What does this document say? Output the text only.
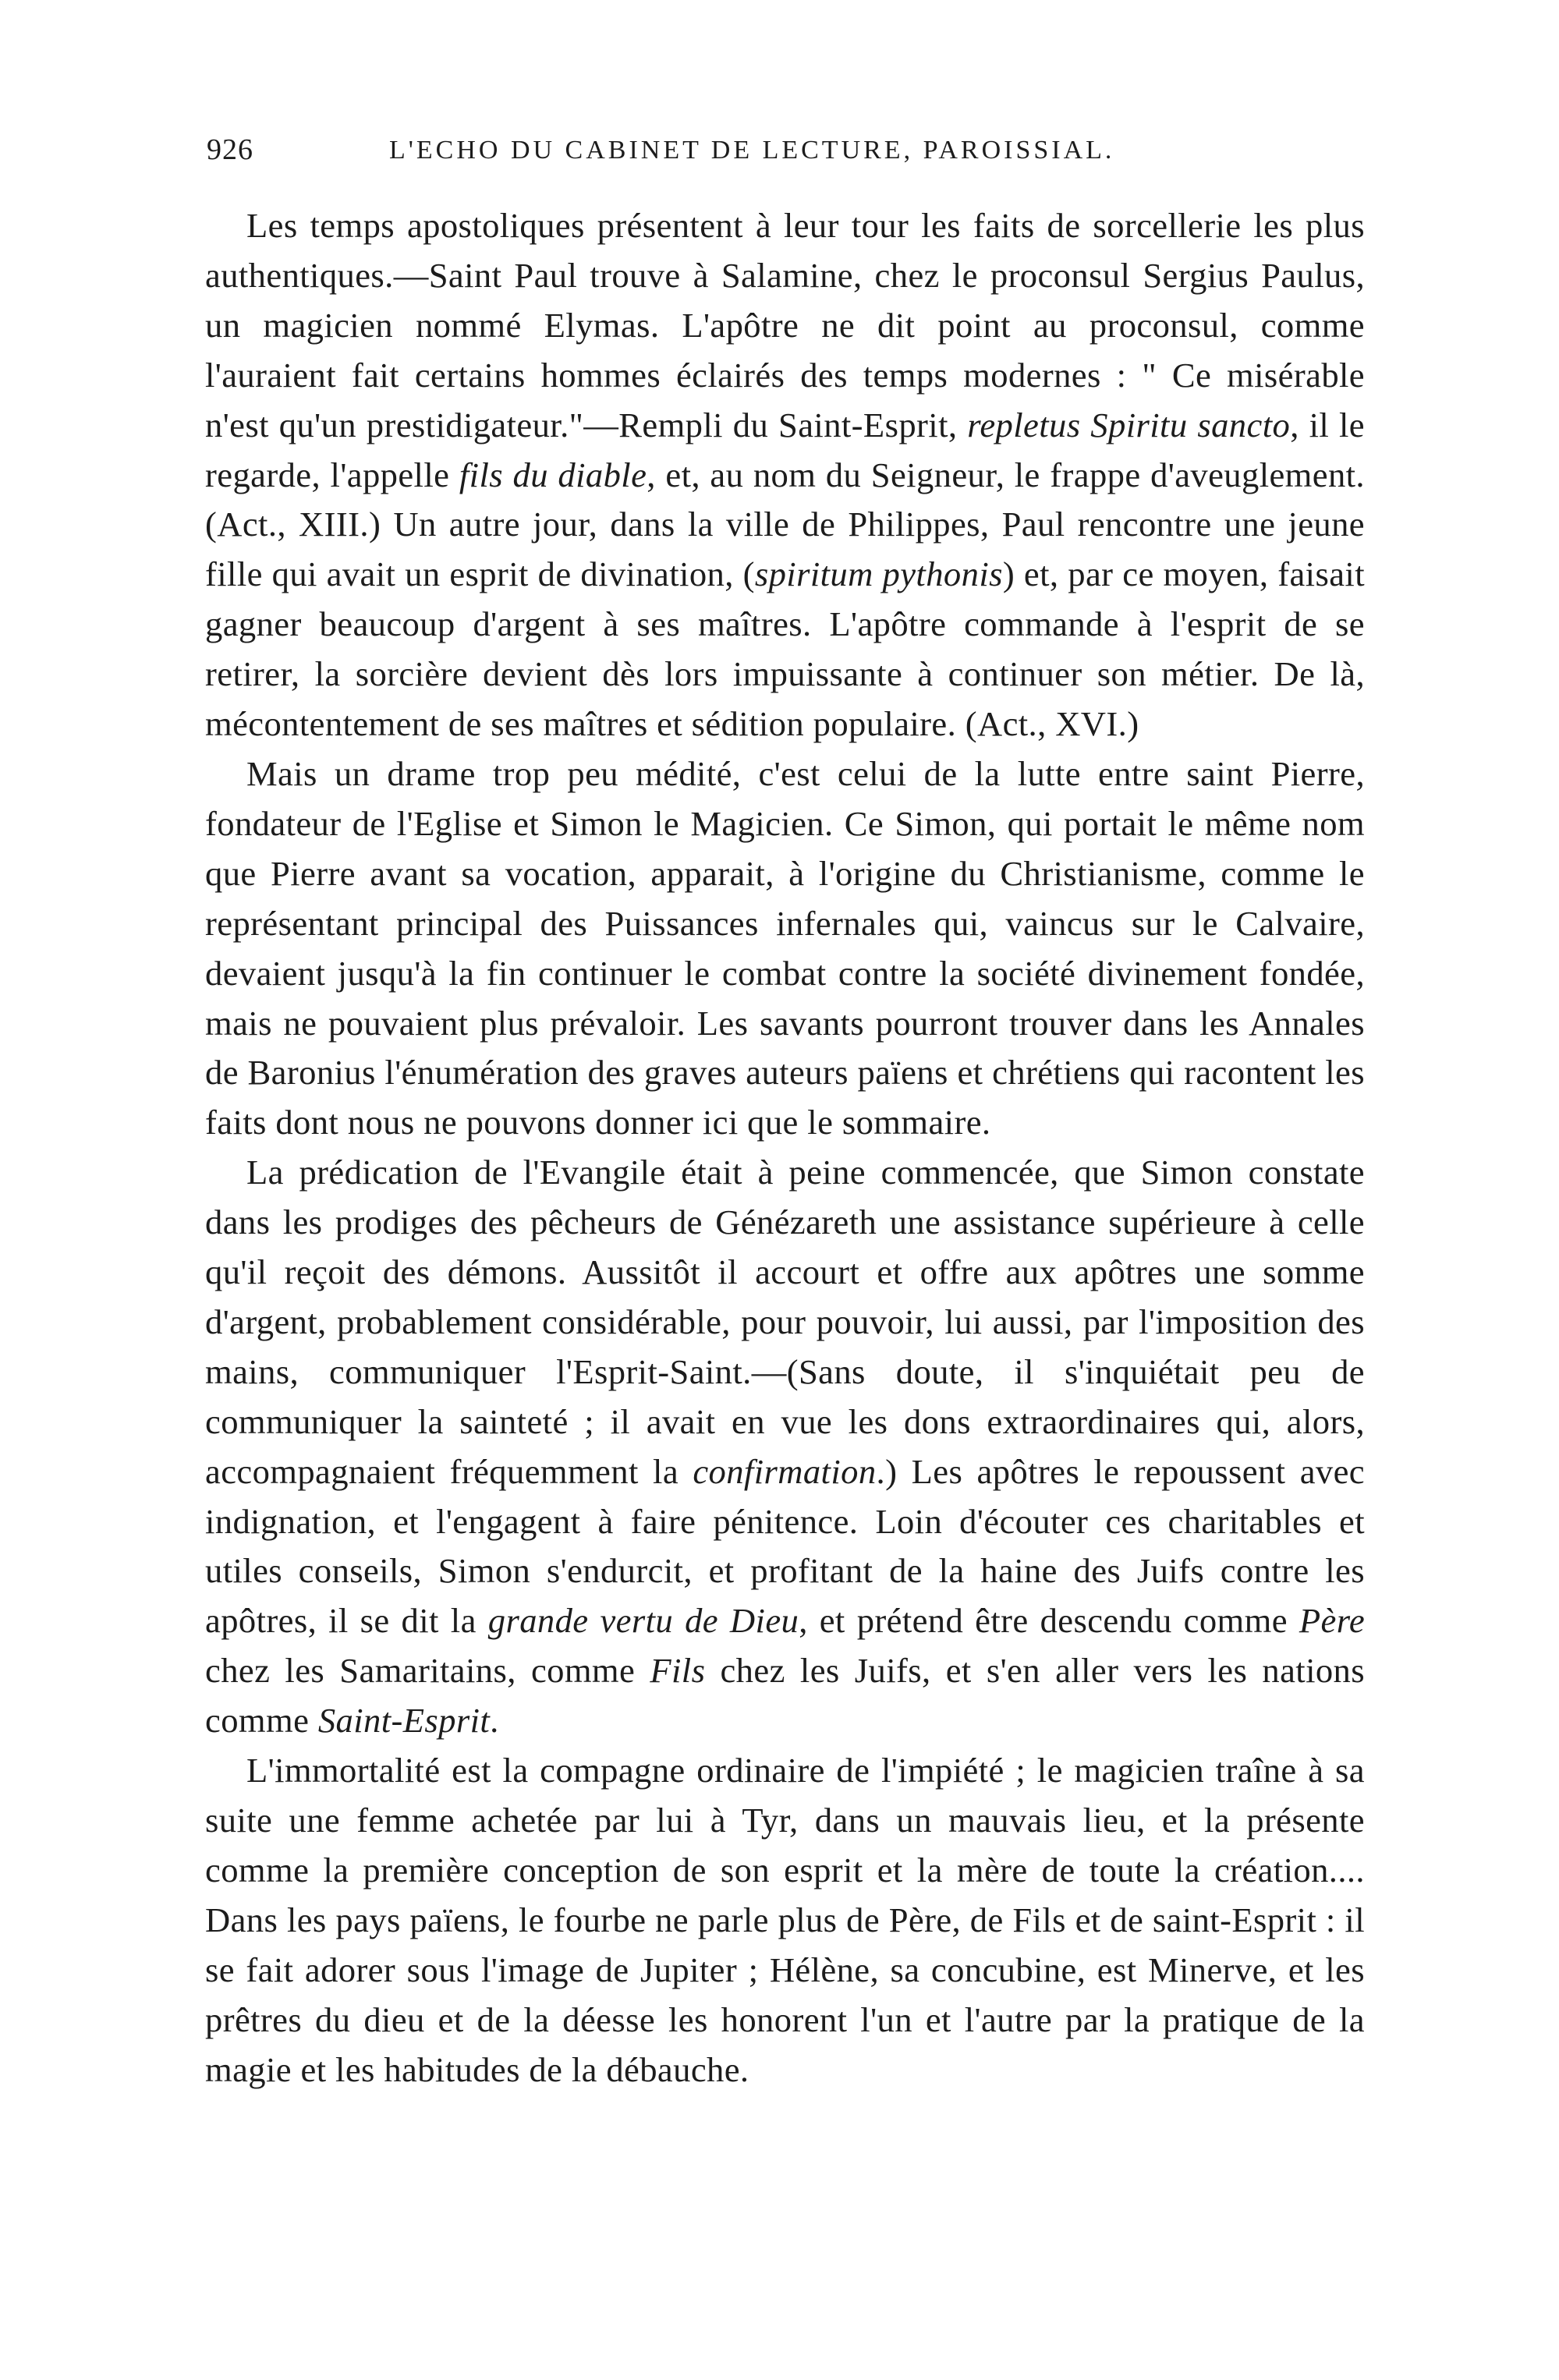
926	L'ECHO DU CABINET DE LECTURE, PAROISSIAL.

Les temps apostoliques présentent à leur tour les faits de sorcellerie les plus authentiques.—Saint Paul trouve à Salamine, chez le proconsul Sergius Paulus, un magicien nommé Elymas. L'apôtre ne dit point au proconsul, comme l'auraient fait certains hommes éclairés des temps modernes : " Ce misérable n'est qu'un prestidigateur."—Rempli du Saint-Esprit, repletus Spiritu sancto, il le regarde, l'appelle fils du diable, et, au nom du Seigneur, le frappe d'aveuglement. (Act., XIII.) Un autre jour, dans la ville de Philippes, Paul rencontre une jeune fille qui avait un esprit de divination, (spiritum pythonis) et, par ce moyen, faisait gagner beaucoup d'argent à ses maîtres. L'apôtre commande à l'esprit de se retirer, la sorcière devient dès lors impuissante à continuer son métier. De là, mécontentement de ses maîtres et sédition populaire. (Act., XVI.)

Mais un drame trop peu médité, c'est celui de la lutte entre saint Pierre, fondateur de l'Eglise et Simon le Magicien. Ce Simon, qui portait le même nom que Pierre avant sa vocation, apparait, à l'origine du Christianisme, comme le représentant principal des Puissances infernales qui, vaincus sur le Calvaire, devaient jusqu'à la fin continuer le combat contre la société divinement fondée, mais ne pouvaient plus prévaloir. Les savants pourront trouver dans les Annales de Baronius l'énumération des graves auteurs païens et chrétiens qui racontent les faits dont nous ne pouvons donner ici que le sommaire.

La prédication de l'Evangile était à peine commencée, que Simon constate dans les prodiges des pêcheurs de Génézareth une assistance supérieure à celle qu'il reçoit des démons. Aussitôt il accourt et offre aux apôtres une somme d'argent, probablement considérable, pour pouvoir, lui aussi, par l'imposition des mains, communiquer l'Esprit-Saint.—(Sans doute, il s'inquiétait peu de communiquer la sainteté ; il avait en vue les dons extraordinaires qui, alors, accompagnaient fréquemment la confirmation.) Les apôtres le repoussent avec indignation, et l'engagent à faire pénitence. Loin d'écouter ces charitables et utiles conseils, Simon s'endurcit, et profitant de la haine des Juifs contre les apôtres, il se dit la grande vertu de Dieu, et prétend être descendu comme Père chez les Samaritains, comme Fils chez les Juifs, et s'en aller vers les nations comme Saint-Esprit.

L'immortalité est la compagne ordinaire de l'impiété ; le magicien traîne à sa suite une femme achetée par lui à Tyr, dans un mauvais lieu, et la présente comme la première conception de son esprit et la mère de toute la création.... Dans les pays païens, le fourbe ne parle plus de Père, de Fils et de saint-Esprit : il se fait adorer sous l'image de Jupiter ; Hélène, sa concubine, est Minerve, et les prêtres du dieu et de la déesse les honorent l'un et l'autre par la pratique de la magie et les habitudes de la débauche.
